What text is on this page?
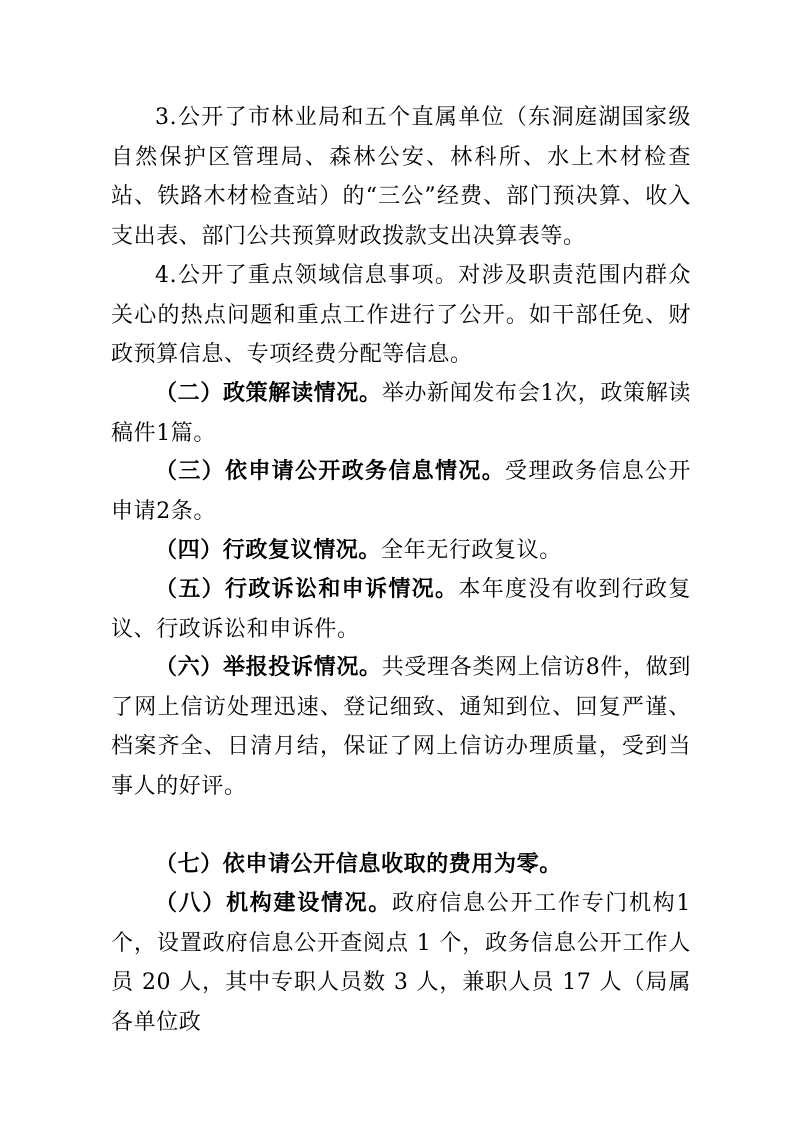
3.公开了市林业局和五个直属单位（东洞庭湖国家级自然保护区管理局、森林公安、林科所、水上木材检查站、铁路木材检查站）的“三公”经费、部门预决算、收入支出表、部门公共预算财政拨款支出决算表等。

4.公开了重点领域信息事项。对涉及职责范围内群众关心的热点问题和重点工作进行了公开。如干部任免、财政预算信息、专项经费分配等信息。

（二）政策解读情况。举办新闻发布会1次，政策解读稿件1篇。

（三）依申请公开政务信息情况。受理政务信息公开申请2条。

（四）行政复议情况。全年无行政复议。

（五）行政诉讼和申诉情况。本年度没有收到行政复议、行政诉讼和申诉件。

（六）举报投诉情况。共受理各类网上信访8件，做到了网上信访处理迅速、登记细致、通知到位、回复严谨、档案齐全、日清月结，保证了网上信访办理质量，受到当事人的好评。

（七）依申请公开信息收取的费用为零。

（八）机构建设情况。政府信息公开工作专门机构1个，设置政府信息公开查阅点 1 个，政务信息公开工作人员 20 人，其中专职人员数 3 人，兼职人员 17 人（局属各单位政
